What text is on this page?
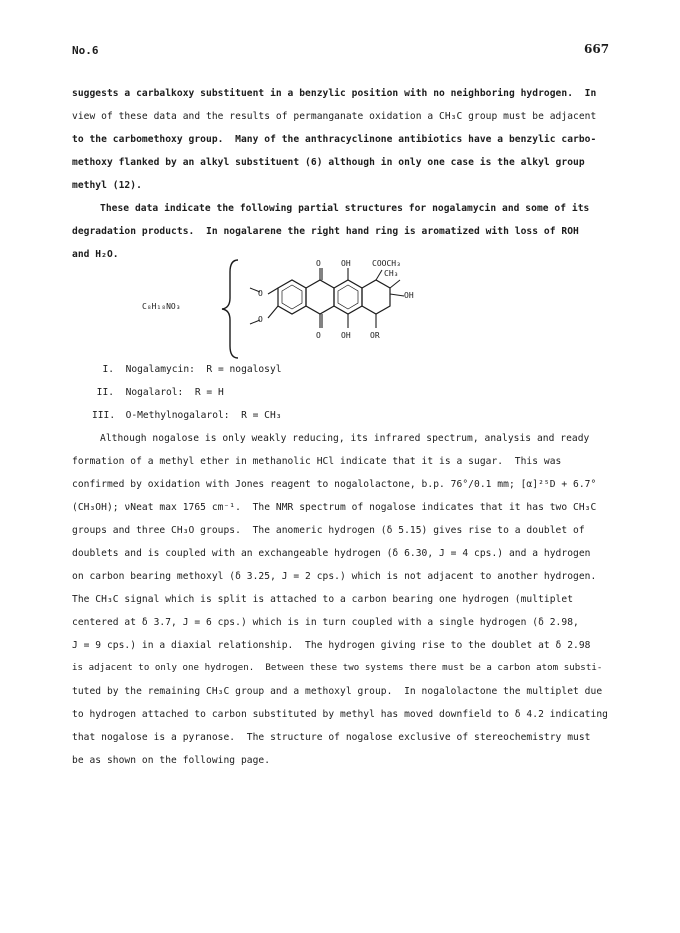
No.6	667
suggests a carbalkoxy substituent in a benzylic position with no neighboring hydrogen.  In
view of these data and the results of permanganate oxidation a CH₃C group must be adjacent
to the carbomethoxy group.  Many of the anthracyclinone antibiotics have a benzylic carbo-
methoxy flanked by an alkyl substituent (6) although in only one case is the alkyl group
methyl (12).
These data indicate the following partial structures for nogalamycin and some of its
degradation products.  In nogalarene the right hand ring is aromatized with loss of ROH
and H₂O.
C₈H₁₈NO₃
O
O
O
O
OH
OH
COOCH₃
CH₃
OH
OR
I. Nogalamycin:  R = nogalosyl
II. Nogalarol:  R = H
III. O-Methylnogalarol:  R = CH₃
Although nogalose is only weakly reducing, its infrared spectrum, analysis and ready
formation of a methyl ether in methanolic HCl indicate that it is a sugar.  This was
confirmed by oxidation with Jones reagent to nogalolactone, b.p. 76°/0.1 mm; [α]²⁵D + 6.7°
(CH₃OH); νNeat max 1765 cm⁻¹.  The NMR spectrum of nogalose indicates that it has two CH₃C
groups and three CH₃O groups.  The anomeric hydrogen (δ 5.15) gives rise to a doublet of
doublets and is coupled with an exchangeable hydrogen (δ 6.30, J = 4 cps.) and a hydrogen
on carbon bearing methoxyl (δ 3.25, J = 2 cps.) which is not adjacent to another hydrogen.
The CH₃C signal which is split is attached to a carbon bearing one hydrogen (multiplet
centered at δ 3.7, J = 6 cps.) which is in turn coupled with a single hydrogen (δ 2.98,
J = 9 cps.) in a diaxial relationship.  The hydrogen giving rise to the doublet at δ 2.98
is adjacent to only one hydrogen.  Between these two systems there must be a carbon atom substi-
tuted by the remaining CH₃C group and a methoxyl group.  In nogalolactone the multiplet due
to hydrogen attached to carbon substituted by methyl has moved downfield to δ 4.2 indicating
that nogalose is a pyranose.  The structure of nogalose exclusive of stereochemistry must
be as shown on the following page.
